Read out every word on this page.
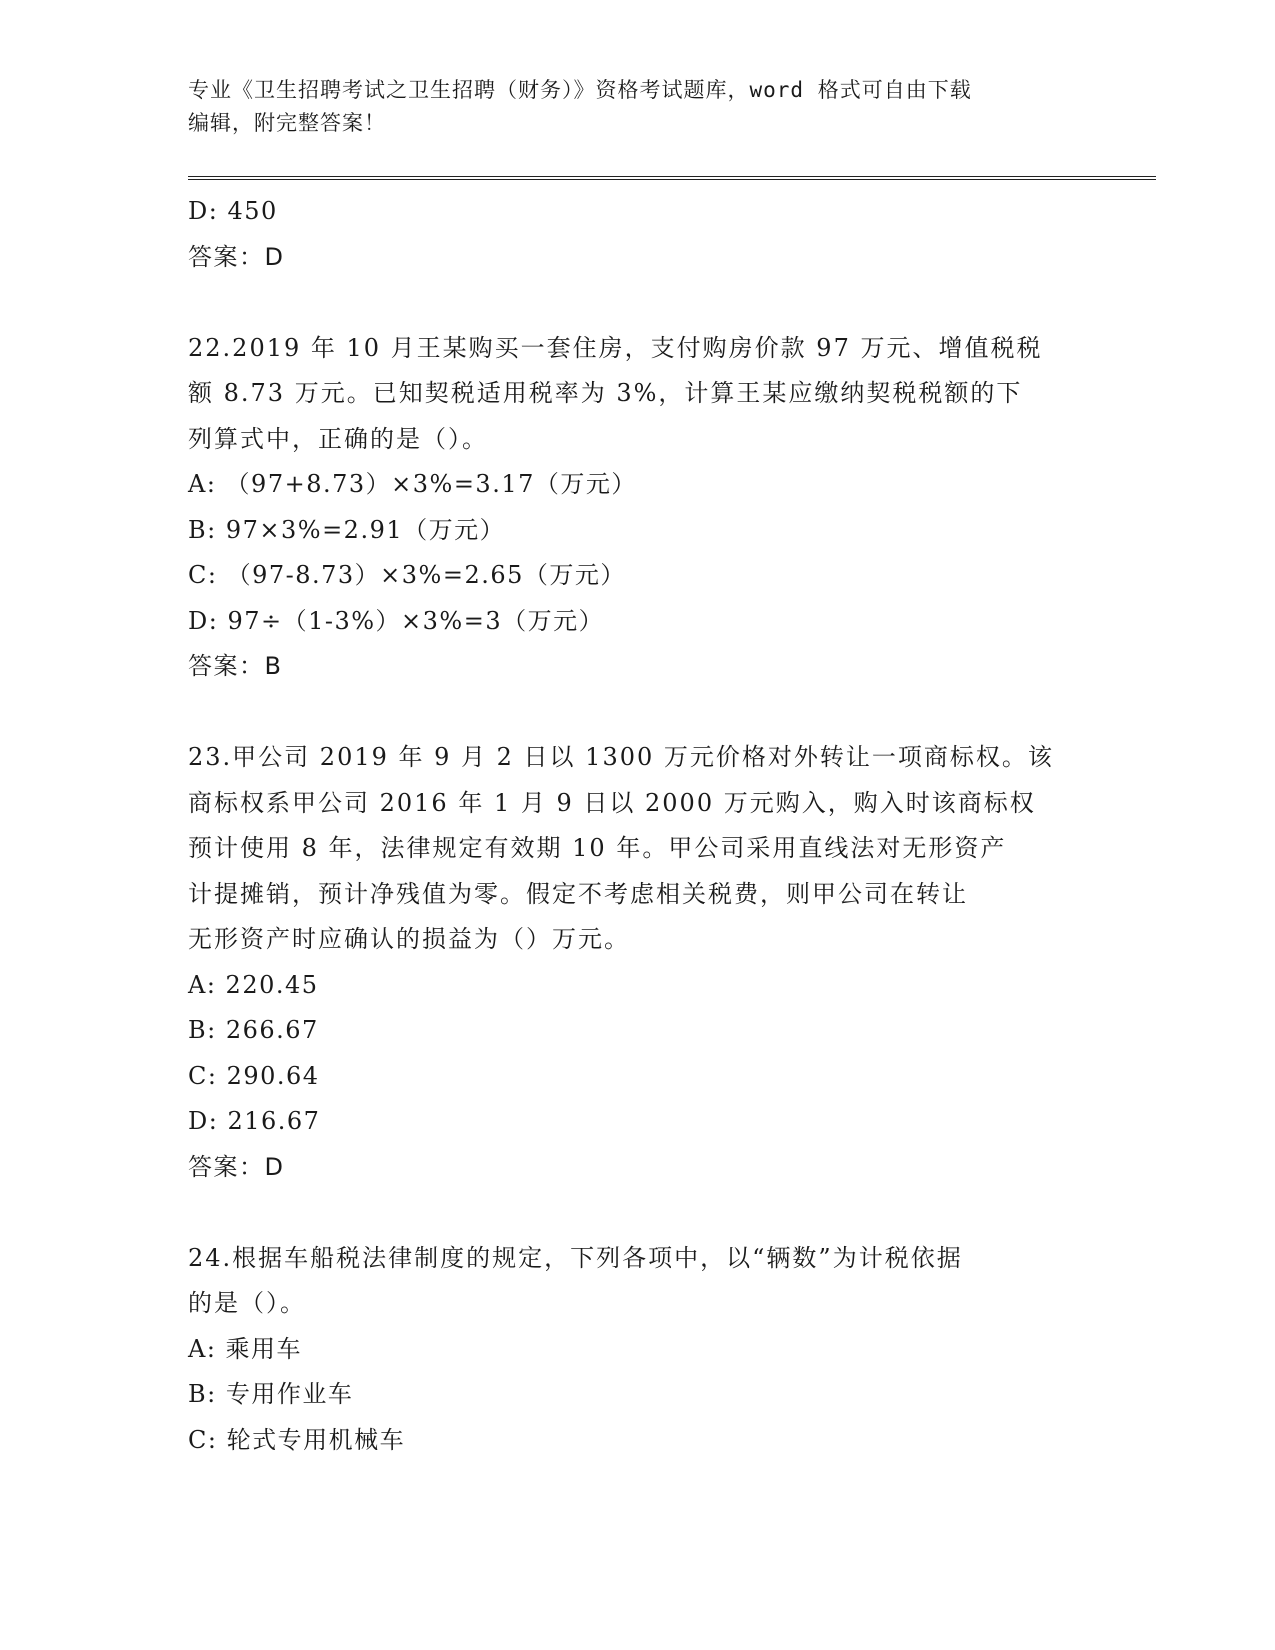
专业《卫生招聘考试之卫生招聘（财务）》资格考试题库，word 格式可自由下载
编辑，附完整答案！
D: 450
答案：D
22.2019 年 10 月王某购买一套住房，支付购房价款 97 万元、增值税税
额 8.73 万元。已知契税适用税率为 3%，计算王某应缴纳契税税额的下
列算式中，正确的是（）。
A: （97+8.73）×3%=3.17（万元）
B: 97×3%=2.91（万元）
C: （97-8.73）×3%=2.65（万元）
D: 97÷（1-3%）×3%=3（万元）
答案：B
23.甲公司 2019 年 9 月 2 日以 1300 万元价格对外转让一项商标权。该
商标权系甲公司 2016 年 1 月 9 日以 2000 万元购入，购入时该商标权
预计使用 8 年，法律规定有效期 10 年。甲公司采用直线法对无形资产
计提摊销，预计净残值为零。假定不考虑相关税费，则甲公司在转让
无形资产时应确认的损益为（）万元。
A: 220.45
B: 266.67
C: 290.64
D: 216.67
答案：D
24.根据车船税法律制度的规定，下列各项中，以“辆数”为计税依据
的是（）。
A: 乘用车
B: 专用作业车
C: 轮式专用机械车
